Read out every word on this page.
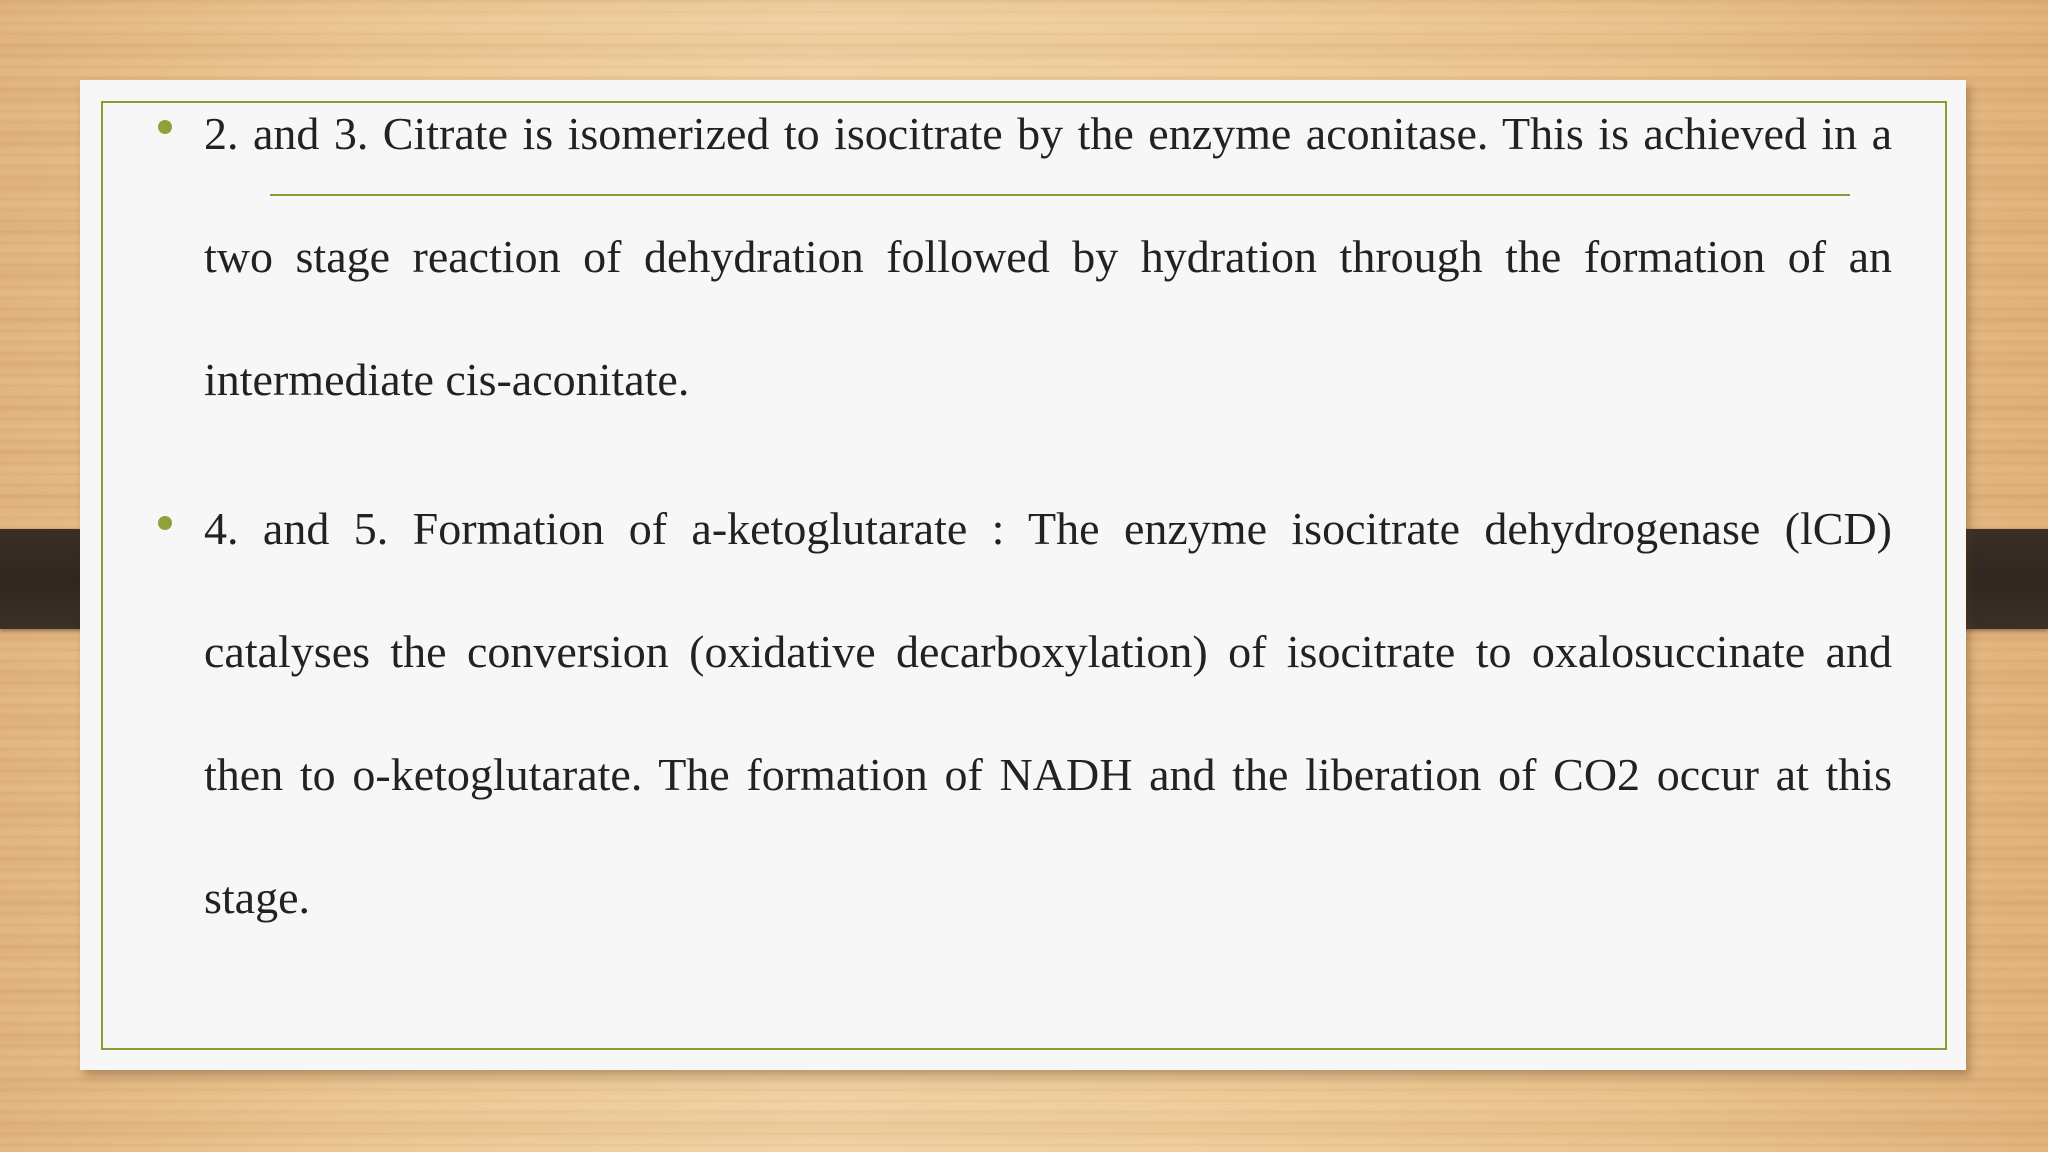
2. and 3. Citrate is isomerized to isocitrate by the enzyme aconitase. This is achieved in a two stage reaction of dehydration followed by hydration through the formation of an intermediate cis-aconitate.

4. and 5. Formation of a-ketoglutarate : The enzyme isocitrate dehydrogenase (lCD) catalyses the conversion (oxidative decarboxylation) of isocitrate to oxalosuccinate and then to o-ketoglutarate. The formation of NADH and the liberation of CO2 occur at this stage.
